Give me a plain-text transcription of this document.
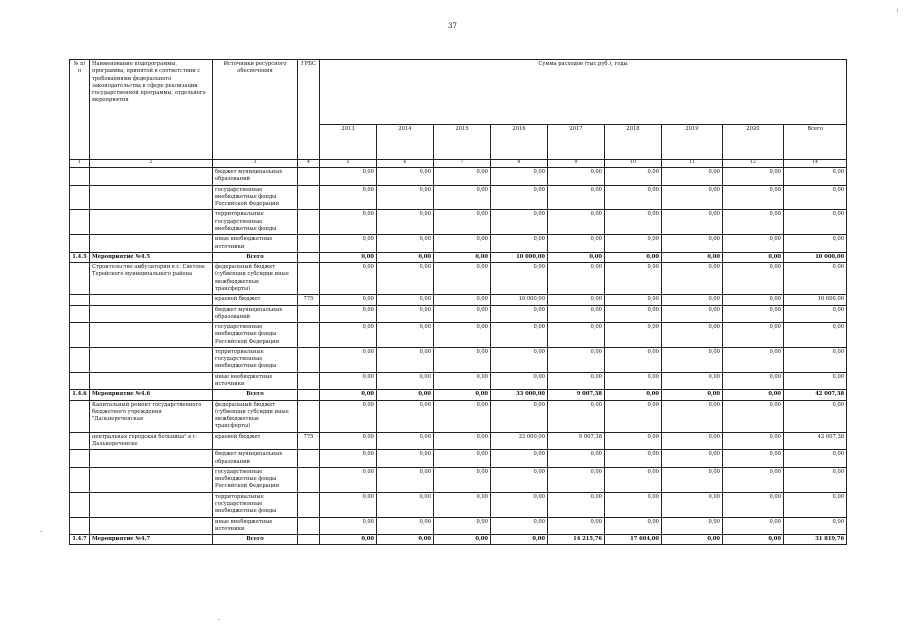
1
37
-
.
№ п/п	Наименование подпрограммы, программы, принятой в соответствии с требованиями федерального законодательства в сфере реализации государственной программы, отдельного мероприятия	Источники ресурсного обеспечения	ГРБС	Сумма расходов (тыс.руб.), годы								
				2013	2014	2015	2016	2017	2018	2019	2020	Всего
1	2	3	4	5	6	7	8	9	10	11	12	14
		бюджет муниципальных образований		0,00	0,00	0,00	0,00	0,00	0,00	0,00	0,00	0,00
		государственные внебюджетные фонды Российской Федерации		0,00	0,00	0,00	0,00	0,00	0,00	0,00	0,00	0,00
		территориальные государственные внебюджетные фонды		0,00	0,00	0,00	0,00	0,00	0,00	0,00	0,00	0,00
		иные внебюджетные источники		0,00	0,00	0,00	0,00	0,00	0,00	0,00	0,00	0,00
1.4.5	Мероприятие №4.5	Всего		0,00	0,00	0,00	10 000,00	0,00	0,00	0,00	0,00	10 000,00
	Строительство амбулатории в с. Светлое Терейского муниципального района	федеральный бюджет (субвенции субсидии иные межбюджетные трансферты)		0,00	0,00	0,00	0,00	0,00	0,00	0,00	0,00	0,00
		краевой бюджет	775	0,00	0,00	0,00	10 000,00	0,00	0,00	0,00	0,00	10 000,00
		бюджет муниципальных образований		0,00	0,00	0,00	0,00	0,00	0,00	0,00	0,00	0,00
		государственные внебюджетные фонды Российской Федерации		0,00	0,00	0,00	0,00	0,00	0,00	0,00	0,00	0,00
		территориальные государственные внебюджетные фонды		0,00	0,00	0,00	0,00	0,00	0,00	0,00	0,00	0,00
		иные внебюджетные источники		0,00	0,00	0,00	0,00	0,00	0,00	0,00	0,00	0,00
1.4.6	Мероприятие №4.6	Всего		0,00	0,00	0,00	33 000,00	9 007,38	0,00	0,00	0,00	42 007,38
	Капитальный ремонт государственного бюджетного учреждения "Дальнереченская	федеральный бюджет (субвенции субсидии иные межбюджетные трансферты)		0,00	0,00	0,00	0,00	0,00	0,00	0,00	0,00	0,00
	центральная городская больница" в г. Дальнереченске	краевой бюджет	775	0,00	0,00	0,00	33 000,00	9 007,38	0,00	0,00	0,00	42 007,38
		бюджет муниципальных образований		0,00	0,00	0,00	0,00	0,00	0,00	0,00	0,00	0,00
		государственные внебюджетные фонды Российской Федерации		0,00	0,00	0,00	0,00	0,00	0,00	0,00	0,00	0,00
		территориальные государственные внебюджетные фонды		0,00	0,00	0,00	0,00	0,00	0,00	0,00	0,00	0,00
		иные внебюджетные источники		0,00	0,00	0,00	0,00	0,00	0,00	0,00	0,00	0,00
1.4.7	Мероприятие №4.7	Всего		0,00	0,00	0,00	0,00	14 215,76	17 604,00	0,00	0,00	31 819,76
